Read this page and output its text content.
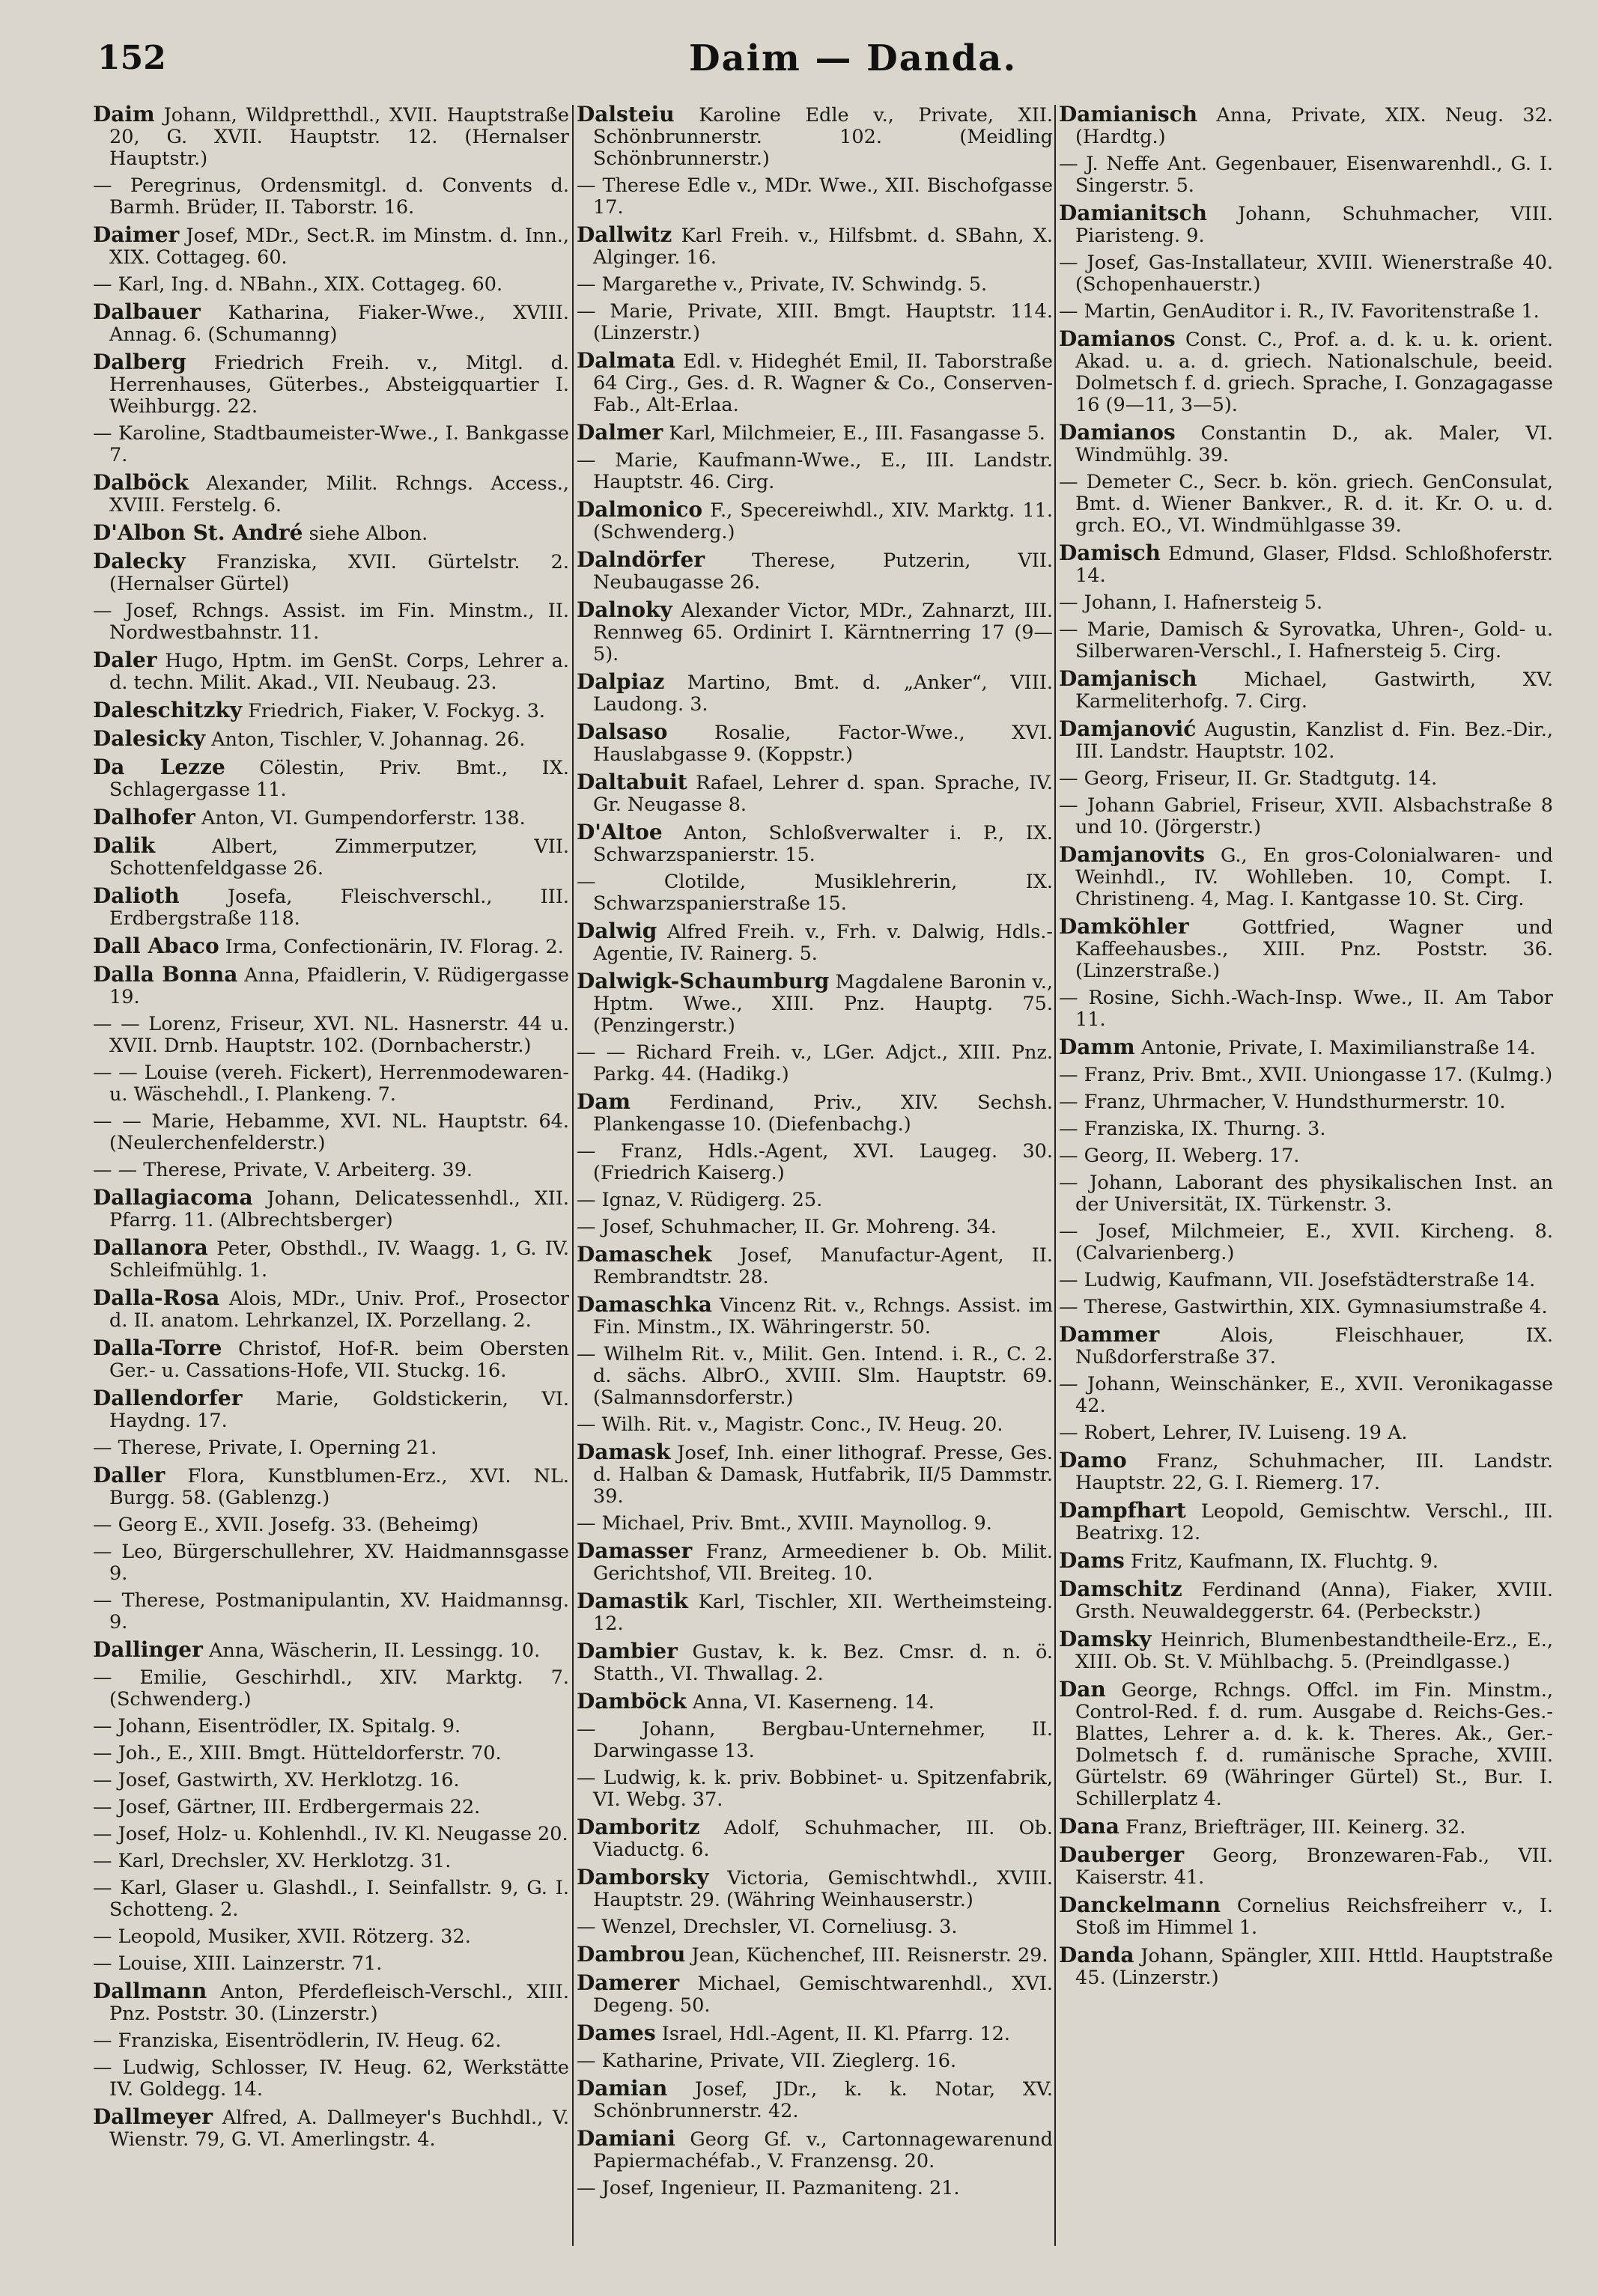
152	Daim — Danda.
Daim Johann, Wildpretthdl., XVII. Hauptstraße 20, G. XVII. Hauptstr. 12. (Hernalser Hauptstr.)
— Peregrinus, Ordensmitgl. d. Convents d. Barmh. Brüder, II. Taborstr. 16.
Daimer Josef, MDr., Sect.R. im Minstm. d. Inn., XIX. Cottageg. 60.
— Karl, Ing. d. NBahn., XIX. Cottageg. 60.
Dalbauer Katharina, Fiaker-Wwe., XVIII. Annag. 6. (Schumanng)
Dalberg Friedrich Freih. v., Mitgl. d. Herrenhauses, Güterbes., Absteigquartier I. Weihburgg. 22.
— Karoline, Stadtbaumeister-Wwe., I. Bankgasse 7.
Dalböck Alexander, Milit. Rchngs. Access., XVIII. Ferstelg. 6.
D'Albon St. André siehe Albon.
Dalecky Franziska, XVII. Gürtelstr. 2. (Hernalser Gürtel)
— Josef, Rchngs. Assist. im Fin. Minstm., II. Nordwestbahnstr. 11.
Daler Hugo, Hptm. im GenSt. Corps, Lehrer a. d. techn. Milit. Akad., VII. Neubaug. 23.
Daleschitzky Friedrich, Fiaker, V. Fockyg. 3.
Dalesicky Anton, Tischler, V. Johannag. 26.
Da Lezze Cölestin, Priv. Bmt., IX. Schlagergasse 11.
Dalhofer Anton, VI. Gumpendorferstr. 138.
Dalik	Albert, Zimmerputzer, VII. Schottenfeldgasse 26.
Dalioth	Josefa, Fleischverschl., III. Erdbergstraße 118.
Dall Abaco Irma, Confectionärin, IV. Florag. 2.
Dalla Bonna Anna, Pfaidlerin, V. Rüdigergasse 19.
— — Lorenz, Friseur, XVI. NL. Hasnerstr. 44 u. XVII. Drnb. Hauptstr. 102. (Dornbacherstr.)
— — Louise (vereh. Fickert), Herrenmodewaren- u. Wäschehdl., I. Plankeng. 7.
— — Marie, Hebamme, XVI. NL. Hauptstr. 64. (Neulerchenfelderstr.)
— — Therese, Private, V. Arbeiterg. 39.
Dallagiacoma Johann, Delicatessenhdl., XII. Pfarrg. 11. (Albrechtsberger)
Dallanora Peter, Obsthdl., IV. Waagg. 1, G. IV. Schleifmühlg. 1.
Dalla-Rosa Alois, MDr., Univ. Prof., Prosector d. II. anatom. Lehrkanzel, IX. Porzellang. 2.
Dalla-Torre Christof, Hof-R. beim Obersten Ger.- u. Cassations-Hofe, VII. Stuckg. 16.
Dallendorfer Marie, Goldstickerin, VI. Haydng. 17.
— Therese, Private, I. Operning 21.
Daller Flora, Kunstblumen-Erz., XVI. NL. Burgg. 58. (Gablenzg.)
— Georg E., XVII. Josefg. 33. (Beheimg)
— Leo, Bürgerschullehrer, XV. Haidmannsgasse 9.
— Therese, Postmanipulantin, XV. Haidmannsg. 9.
Dallinger Anna, Wäscherin, II. Lessingg. 10.
— Emilie, Geschirhdl., XIV. Marktg. 7. (Schwenderg.)
— Johann, Eisentrödler, IX. Spitalg. 9.
— Joh., E., XIII. Bmgt. Hütteldorferstr. 70.
— Josef, Gastwirth, XV. Herklotzg. 16.
— Josef, Gärtner, III. Erdbergermais 22.
— Josef, Holz- u. Kohlenhdl., IV. Kl. Neugasse 20.
— Karl, Drechsler, XV. Herklotzg. 31.
— Karl, Glaser u. Glashdl., I. Seinfallstr. 9, G. I. Schotteng. 2.
— Leopold, Musiker, XVII. Rötzerg. 32.
— Louise, XIII. Lainzerstr. 71.
Dallmann Anton, Pferdefleisch-Verschl., XIII. Pnz. Poststr. 30. (Linzerstr.)
— Franziska, Eisentrödlerin, IV. Heug. 62.
— Ludwig, Schlosser, IV. Heug. 62, Werkstätte IV. Goldegg. 14.
Dallmeyer Alfred, A. Dallmeyer's Buchhdl., V. Wienstr. 79, G. VI. Amerlingstr. 4.
Dalsteiu Karoline Edle v., Private, XII. Schönbrunnerstr. 102. (Meidling Schönbrunnerstr.)
— Therese Edle v., MDr. Wwe., XII. Bischofgasse 17.
Dallwitz Karl Freih. v., Hilfsbmt. d. SBahn, X. Alginger. 16.
— Margarethe v., Private, IV. Schwindg. 5.
— Marie, Private, XIII. Bmgt. Hauptstr. 114. (Linzerstr.)
Dalmata Edl. v. Hideghét Emil, II. Taborstraße 64 Cirg., Ges. d. R. Wagner & Co., Conserven-Fab., Alt-Erlaa.
Dalmer Karl, Milchmeier, E., III. Fasangasse 5.
— Marie, Kaufmann-Wwe., E., III. Landstr. Hauptstr. 46. Cirg.
Dalmonico F., Specereiwhdl., XIV. Marktg. 11. (Schwenderg.)
Dalndörfer Therese, Putzerin, VII. Neubaugasse 26.
Dalnoky Alexander Victor, MDr., Zahnarzt, III. Rennweg 65. Ordinirt I. Kärntnerring 17 (9—5).
Dalpiaz Martino, Bmt. d. „Anker“, VIII. Laudong. 3.
Dalsaso Rosalie, Factor-Wwe., XVI. Hauslabgasse 9. (Koppstr.)
Daltabuit Rafael, Lehrer d. span. Sprache, IV. Gr. Neugasse 8.
D'Altoe Anton, Schloßverwalter i. P., IX. Schwarzspanierstr. 15.
— Clotilde, Musiklehrerin, IX. Schwarzspanierstraße 15.
Dalwig Alfred Freih. v., Frh. v. Dalwig, Hdls.-Agentie, IV. Rainerg. 5.
Dalwigk-Schaumburg Magdalene Baronin v., Hptm. Wwe., XIII. Pnz. Hauptg. 75. (Penzingerstr.)
— — Richard Freih. v., LGer. Adjct., XIII. Pnz. Parkg. 44. (Hadikg.)
Dam Ferdinand, Priv., XIV. Sechsh. Plankengasse 10. (Diefenbachg.)
— Franz, Hdls.-Agent, XVI. Laugeg. 30. (Friedrich Kaiserg.)
— Ignaz, V. Rüdigerg. 25.
— Josef, Schuhmacher, II. Gr. Mohreng. 34.
Damaschek Josef, Manufactur-Agent, II. Rembrandtstr. 28.
Damaschka Vincenz Rit. v., Rchngs. Assist. im Fin. Minstm., IX. Währingerstr. 50.
— Wilhelm Rit. v., Milit. Gen. Intend. i. R., C. 2. d. sächs. AlbrO., XVIII. Slm. Hauptstr. 69. (Salmannsdorferstr.)
— Wilh. Rit. v., Magistr. Conc., IV. Heug. 20.
Damask Josef, Inh. einer lithograf. Presse, Ges. d. Halban & Damask, Hutfabrik, II/5 Dammstr. 39.
— Michael, Priv. Bmt., XVIII. Maynollog. 9.
Damasser Franz, Armeediener b. Ob. Milit. Gerichtshof, VII. Breiteg. 10.
Damastik Karl, Tischler, XII. Wertheimsteing. 12.
Dambier Gustav, k. k. Bez. Cmsr. d. n. ö. Statth., VI. Thwallag. 2.
Damböck Anna, VI. Kaserneng. 14.
— Johann, Bergbau-Unternehmer, II. Darwingasse 13.
— Ludwig, k. k. priv. Bobbinet- u. Spitzenfabrik, VI. Webg. 37.
Damboritz Adolf, Schuhmacher, III. Ob. Viaductg. 6.
Damborsky Victoria, Gemischtwhdl., XVIII. Hauptstr. 29. (Währing Weinhauserstr.)
— Wenzel, Drechsler, VI. Corneliusg. 3.
Dambrou Jean, Küchenchef, III. Reisnerstr. 29.
Damerer Michael, Gemischtwarenhdl., XVI. Degeng. 50.
Dames Israel, Hdl.-Agent, II. Kl. Pfarrg. 12.
— Katharine, Private, VII. Zieglerg. 16.
Damian Josef, JDr., k. k. Notar, XV. Schönbrunnerstr. 42.
Damiani Georg Gf. v., Cartonnagewarenund Papiermachéfab., V. Franzensg. 20.
— Josef, Ingenieur, II. Pazmaniteng. 21.
Damianisch Anna, Private, XIX. Neug. 32. (Hardtg.)
— J. Neffe Ant. Gegenbauer, Eisenwarenhdl., G. I. Singerstr. 5.
Damianitsch Johann, Schuhmacher, VIII. Piaristeng. 9.
— Josef, Gas-Installateur, XVIII. Wienerstraße 40. (Schopenhauerstr.)
— Martin, GenAuditor i. R., IV. Favoritenstraße 1.
Damianos Const. C., Prof. a. d. k. u. k. orient. Akad. u. a. d. griech. Nationalschule, beeid. Dolmetsch f. d. griech. Sprache, I. Gonzagagasse 16 (9—11, 3—5).
Damianos Constantin D., ak. Maler, VI. Windmühlg. 39.
— Demeter C., Secr. b. kön. griech. GenConsulat, Bmt. d. Wiener Bankver., R. d. it. Kr. O. u. d. grch. EO., VI. Windmühlgasse 39.
Damisch Edmund, Glaser, Fldsd. Schloßhoferstr. 14.
— Johann, I. Hafnersteig 5.
— Marie, Damisch & Syrovatka, Uhren-, Gold- u. Silberwaren-Verschl., I. Hafnersteig 5. Cirg.
Damjanisch Michael, Gastwirth, XV. Karmeliterhofg. 7. Cirg.
Damjanović Augustin, Kanzlist d. Fin. Bez.-Dir., III. Landstr. Hauptstr. 102.
— Georg, Friseur, II. Gr. Stadtgutg. 14.
— Johann Gabriel, Friseur, XVII. Alsbachstraße 8 und 10. (Jörgerstr.)
Damjanovits G., En gros-Colonialwaren- und Weinhdl., IV. Wohlleben. 10, Compt. I. Christineng. 4, Mag. I. Kantgasse 10. St. Cirg.
Damköhler	Gottfried, Wagner und Kaffeehausbes., XIII. Pnz. Poststr. 36. (Linzerstraße.)
— Rosine, Sichh.-Wach-Insp. Wwe., II. Am Tabor 11.
Damm Antonie, Private, I. Maximilianstraße 14.
— Franz, Priv. Bmt., XVII. Uniongasse 17. (Kulmg.)
— Franz, Uhrmacher, V. Hundsthurmerstr. 10.
— Franziska, IX. Thurng. 3.
— Georg, II. Weberg. 17.
— Johann, Laborant des physikalischen Inst. an der Universität, IX. Türkenstr. 3.
— Josef, Milchmeier, E., XVII. Kircheng. 8. (Calvarienberg.)
— Ludwig, Kaufmann, VII. Josefstädterstraße 14.
— Therese, Gastwirthin, XIX. Gymnasiumstraße 4.
Dammer	Alois, Fleischhauer, IX. Nußdorferstraße 37.
— Johann, Weinschänker, E., XVII. Veronikagasse 42.
— Robert, Lehrer, IV. Luiseng. 19 A.
Damo Franz, Schuhmacher, III. Landstr. Hauptstr. 22, G. I. Riemerg. 17.
Dampfhart Leopold, Gemischtw. Verschl., III. Beatrixg. 12.
Dams Fritz, Kaufmann, IX. Fluchtg. 9.
Damschitz Ferdinand (Anna), Fiaker, XVIII. Grsth. Neuwaldeggerstr. 64. (Perbeckstr.)
Damsky Heinrich, Blumenbestandtheile-Erz., E., XIII. Ob. St. V. Mühlbachg. 5. (Preindlgasse.)
Dan George, Rchngs. Offcl. im Fin. Minstm., Control-Red. f. d. rum. Ausgabe d. Reichs-Ges.-Blattes, Lehrer a. d. k. k. Theres. Ak., Ger.-Dolmetsch f. d. rumänische Sprache, XVIII. Gürtelstr. 69 (Währinger Gürtel) St., Bur. I. Schillerplatz 4.
Dana Franz, Briefträger, III. Keinerg. 32.
Dauberger Georg, Bronzewaren-Fab., VII. Kaiserstr. 41.
Danckelmann Cornelius Reichsfreiherr v., I. Stoß im Himmel 1.
Danda Johann, Spängler, XIII. Httld. Hauptstraße 45. (Linzerstr.)
